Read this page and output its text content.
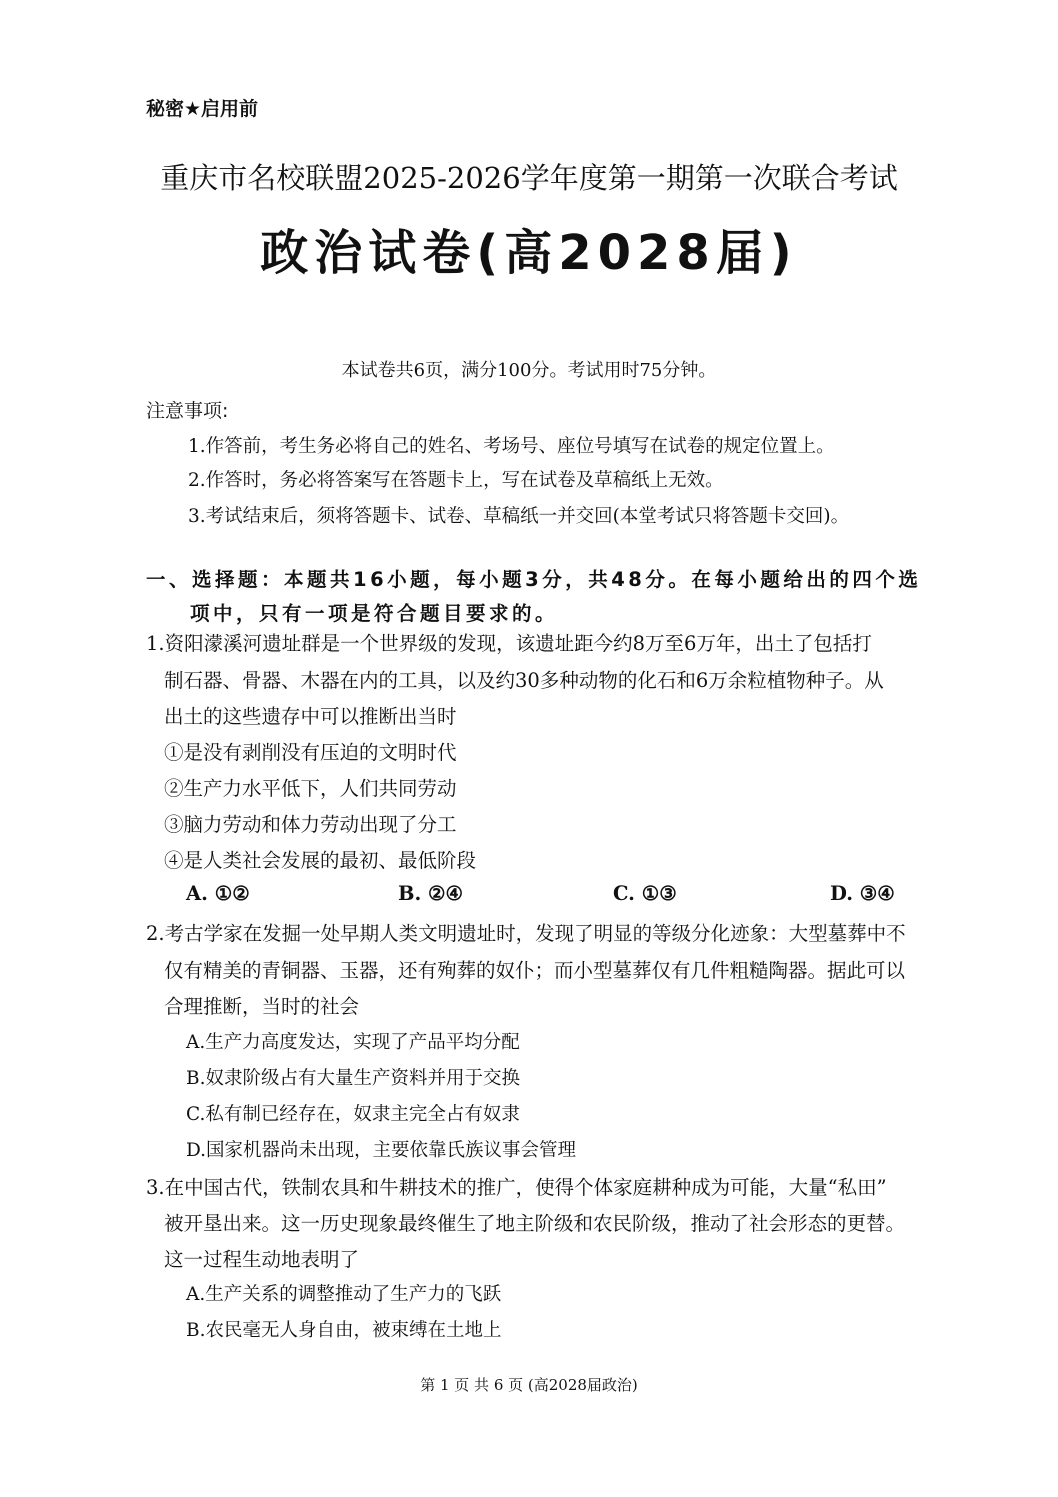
秘密★启用前
重庆市名校联盟2025-2026学年度第一期第一次联合考试
政治试卷(高2028届)
本试卷共6页，满分100分。考试用时75分钟。
注意事项:
1.作答前，考生务必将自己的姓名、考场号、座位号填写在试卷的规定位置上。
2.作答时，务必将答案写在答题卡上，写在试卷及草稿纸上无效。
3.考试结束后，须将答题卡、试卷、草稿纸一并交回(本堂考试只将答题卡交回)。
一、选择题：本题共16小题，每小题3分，共48分。在每小题给出的四个选
项中，只有一项是符合题目要求的。
1.资阳濛溪河遗址群是一个世界级的发现，该遗址距今约8万至6万年，出土了包括打
制石器、骨器、木器在内的工具，以及约30多种动物的化石和6万余粒植物种子。从
出土的这些遗存中可以推断出当时
①是没有剥削没有压迫的文明时代
②生产力水平低下，人们共同劳动
③脑力劳动和体力劳动出现了分工
④是人类社会发展的最初、最低阶段
A. ①②	B. ②④	C. ①③	D. ③④
2.考古学家在发掘一处早期人类文明遗址时，发现了明显的等级分化迹象：大型墓葬中不
仅有精美的青铜器、玉器，还有殉葬的奴仆；而小型墓葬仅有几件粗糙陶器。据此可以
合理推断，当时的社会
A.生产力高度发达，实现了产品平均分配
B.奴隶阶级占有大量生产资料并用于交换
C.私有制已经存在，奴隶主完全占有奴隶
D.国家机器尚未出现，主要依靠氏族议事会管理
3.在中国古代，铁制农具和牛耕技术的推广，使得个体家庭耕种成为可能，大量“私田”
被开垦出来。这一历史现象最终催生了地主阶级和农民阶级，推动了社会形态的更替。
这一过程生动地表明了
A.生产关系的调整推动了生产力的飞跃
B.农民毫无人身自由，被束缚在土地上
第 1 页 共 6 页 (高2028届政治)
